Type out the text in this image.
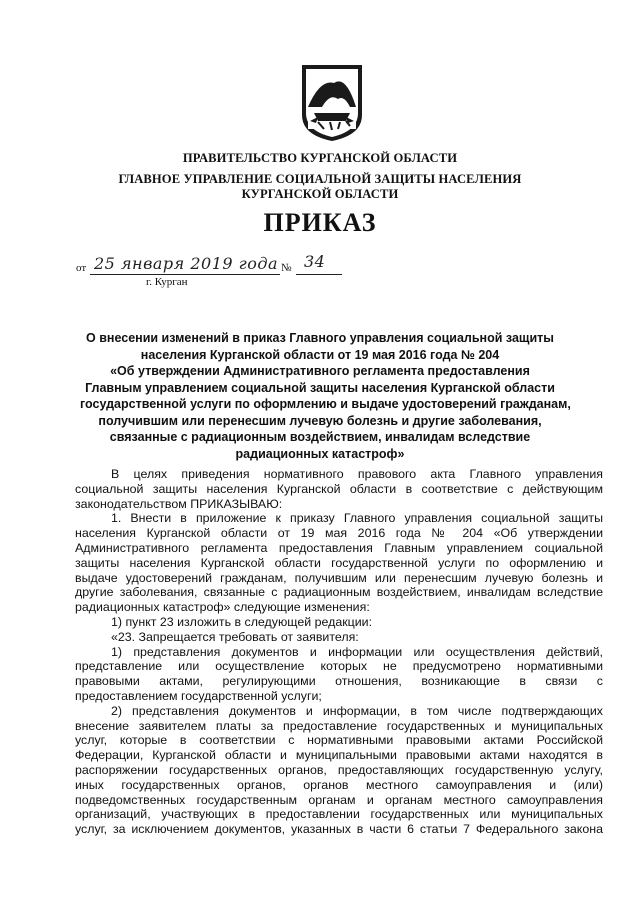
ПРАВИТЕЛЬСТВО КУРГАНСКОЙ ОБЛАСТИ
ГЛАВНОЕ УПРАВЛЕНИЕ СОЦИАЛЬНОЙ ЗАЩИТЫ НАСЕЛЕНИЯ
КУРГАНСКОЙ ОБЛАСТИ
ПРИКАЗ
от 25 января 2019 года № 34
г. Курган
О внесении изменений в приказ Главного управления социальной защиты
населения Курганской области от 19 мая 2016 года № 204
«Об утверждении Административного регламента предоставления
Главным управлением социальной защиты населения Курганской области
государственной услуги по оформлению и выдаче удостоверений гражданам,
получившим или перенесшим лучевую болезнь и другие заболевания,
связанные с радиационным воздействием, инвалидам вследствие
радиационных катастроф»
В целях приведения нормативного правового акта Главного управления
социальной защиты населения Курганской области в соответствие с действующим
законодательством ПРИКАЗЫВАЮ:
1. Внести в приложение к приказу Главного управления социальной защиты
населения Курганской области от 19 мая 2016 года № 204 «Об утверждении
Административного регламента предоставления Главным управлением социальной
защиты населения Курганской области государственной услуги по оформлению и
выдаче удостоверений гражданам, получившим или перенесшим лучевую болезнь и
другие заболевания, связанные с радиационным воздействием, инвалидам вследствие
радиационных катастроф» следующие изменения:
1) пункт 23 изложить в следующей редакции:
«23. Запрещается требовать от заявителя:
1) представления документов и информации или осуществления действий,
представление или осуществление которых не предусмотрено нормативными
правовыми актами, регулирующими отношения, возникающие в связи с
предоставлением государственной услуги;
2) представления документов и информации, в том числе подтверждающих
внесение заявителем платы за предоставление государственных и муниципальных
услуг, которые в соответствии с нормативными правовыми актами Российской
Федерации, Курганской области и муниципальными правовыми актами находятся в
распоряжении государственных органов, предоставляющих государственную услугу,
иных государственных органов, органов местного самоуправления и (или)
подведомственных государственным органам и органам местного самоуправления
организаций, участвующих в предоставлении государственных или муниципальных
услуг, за исключением документов, указанных в части 6 статьи 7 Федерального закона
